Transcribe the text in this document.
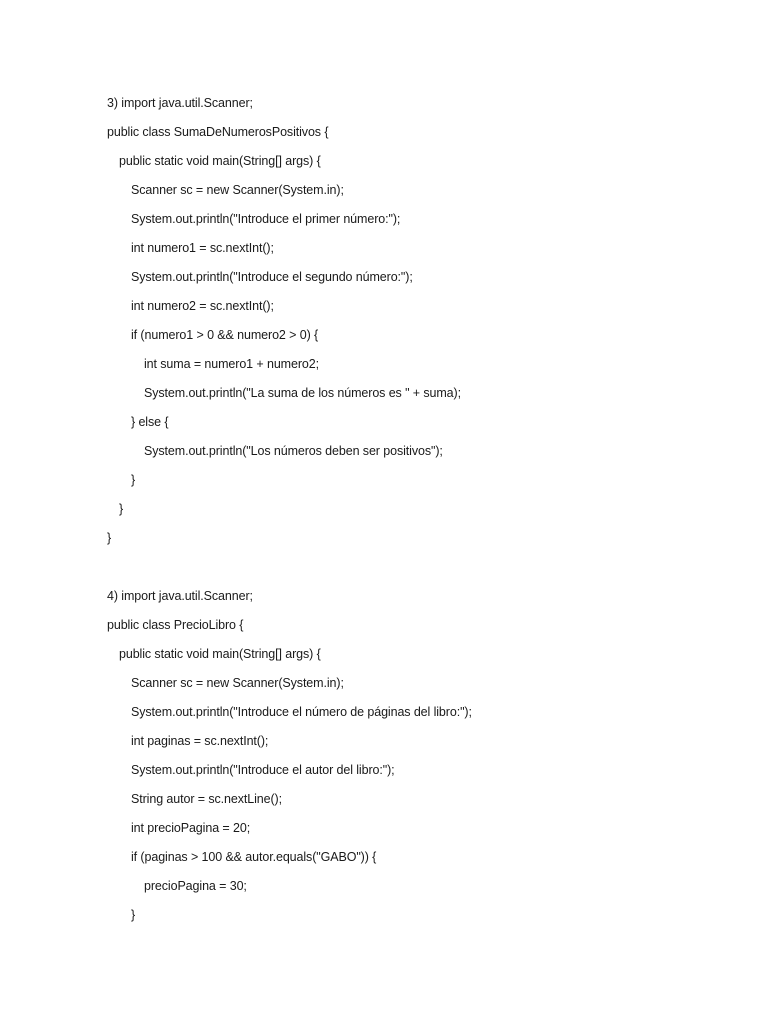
3) import java.util.Scanner;
public class SumaDeNumerosPositivos {
public static void main(String[] args) {
Scanner sc = new Scanner(System.in);
System.out.println("Introduce el primer número:");
int numero1 = sc.nextInt();
System.out.println("Introduce el segundo número:");
int numero2 = sc.nextInt();
if (numero1 > 0 && numero2 > 0) {
int suma = numero1 + numero2;
System.out.println("La suma de los números es " + suma);
} else {
System.out.println("Los números deben ser positivos");
}
}
}
4) import java.util.Scanner;
public class PrecioLibro {
public static void main(String[] args) {
Scanner sc = new Scanner(System.in);
System.out.println("Introduce el número de páginas del libro:");
int paginas = sc.nextInt();
System.out.println("Introduce el autor del libro:");
String autor = sc.nextLine();
int precioPagina = 20;
if (paginas > 100 && autor.equals("GABO")) {
precioPagina = 30;
}
